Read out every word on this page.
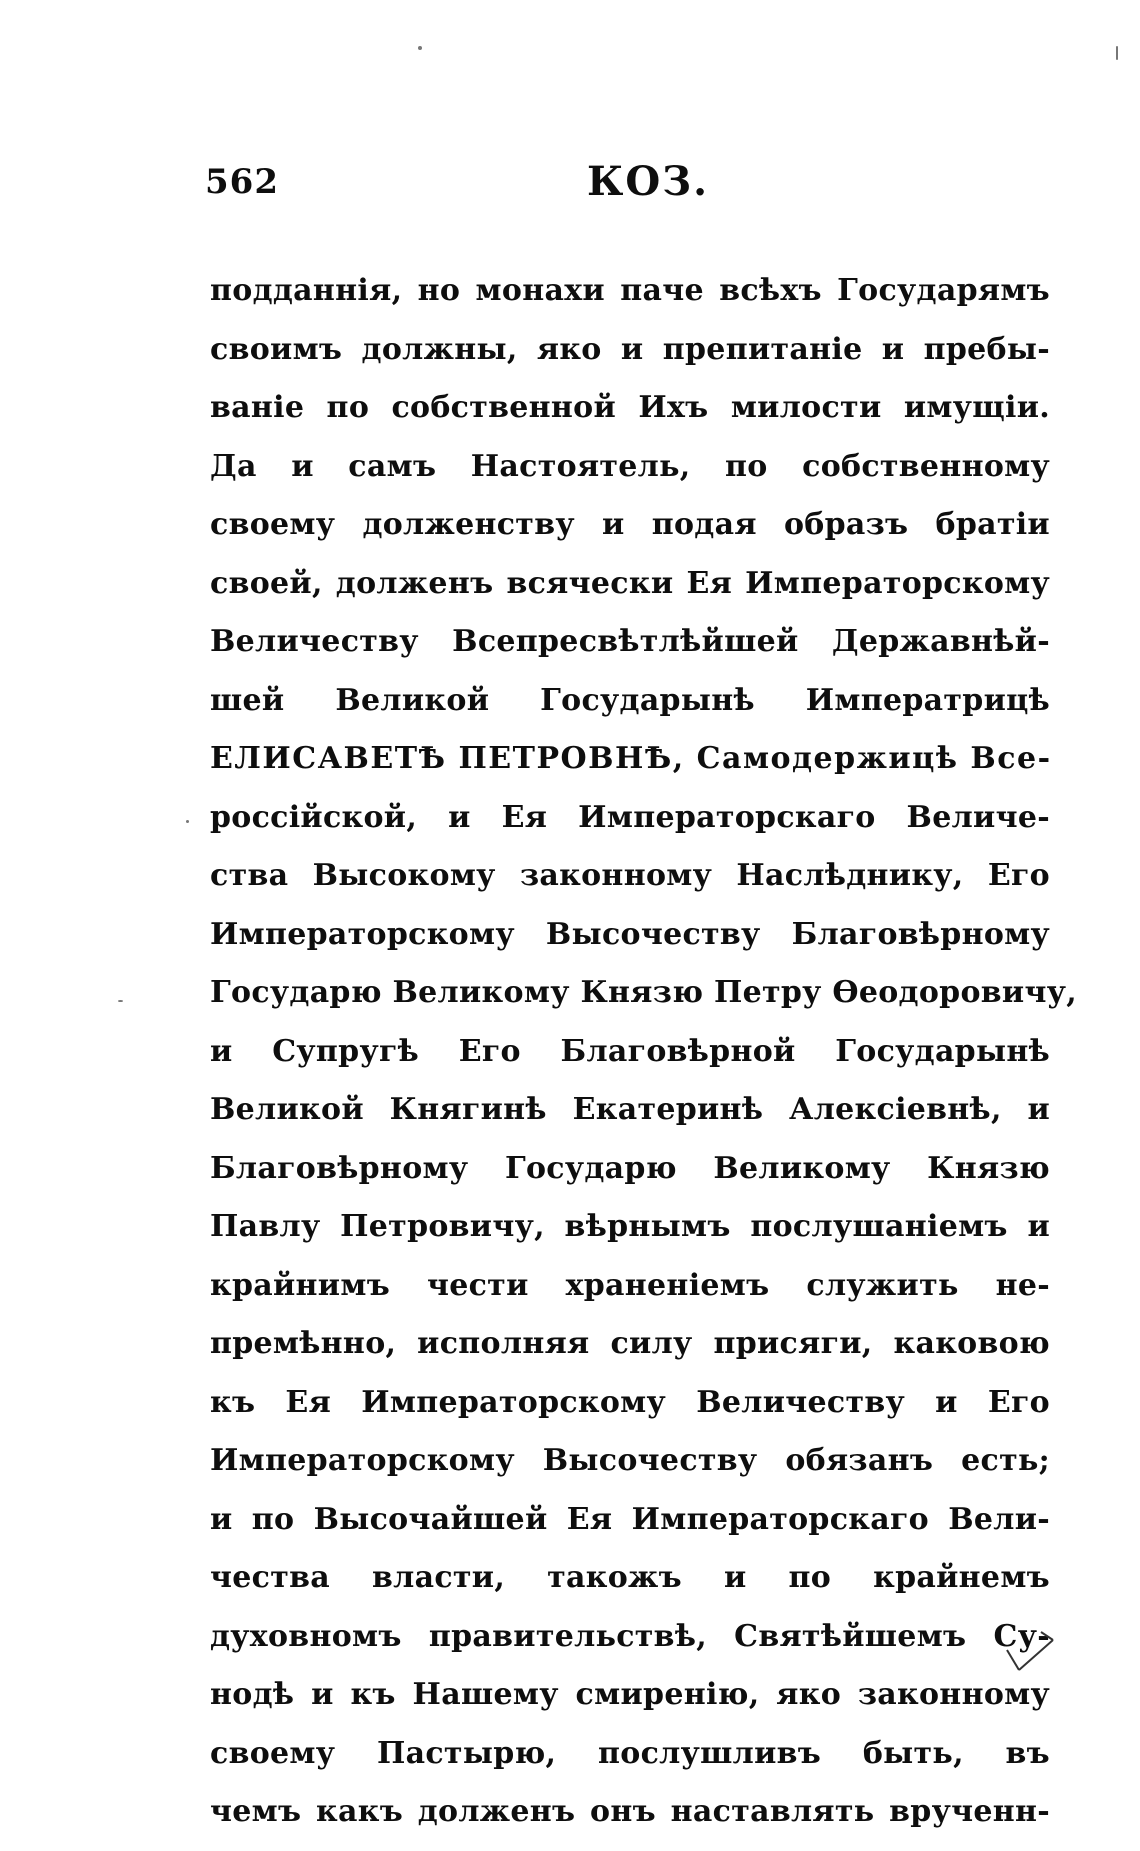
562	КОЗ.
подданнія, но монахи паче всѣхъ Государямъ
своимъ должны, яко и препитаніе и пребы-
ваніе по собственной Ихъ милости имущіи.
Да и самъ Настоятель, по собственному
своему долженству и подая образъ братіи
своей, долженъ всячески Ея Императорскому
Величеству Всепресвѣтлѣйшей Державнѣй-
шей Великой Государынѣ Императрицѣ
ЕЛИСАВЕТѢ ПЕТРОВНѢ, Самодержицѣ Все-
россійской, и Ея Императорскаго Величе-
ства Высокому законному Наслѣднику, Его
Императорскому Высочеству Благовѣрному
Государю Великому Князю Петру Өеодоровичу,
и Супругѣ Его Благовѣрной Государынѣ
Великой Княгинѣ Екатеринѣ Алексіевнѣ, и
Благовѣрному Государю Великому Князю
Павлу Петровичу, вѣрнымъ послушаніемъ и
крайнимъ чести храненіемъ служить не-
премѣнно, исполняя силу присяги, каковою
къ Ея Императорскому Величеству и Его
Императорскому Высочеству обязанъ есть;
и по Высочайшей Ея Императорскаго Вели-
чества власти, такожъ и по крайнемъ
духовномъ правительствѣ, Святѣйшемъ Су-
нодѣ и къ Нашему смиренію, яко законному
своему Пастырю, послушливъ быть, въ
чемъ какъ долженъ онъ наставлять врученн-
